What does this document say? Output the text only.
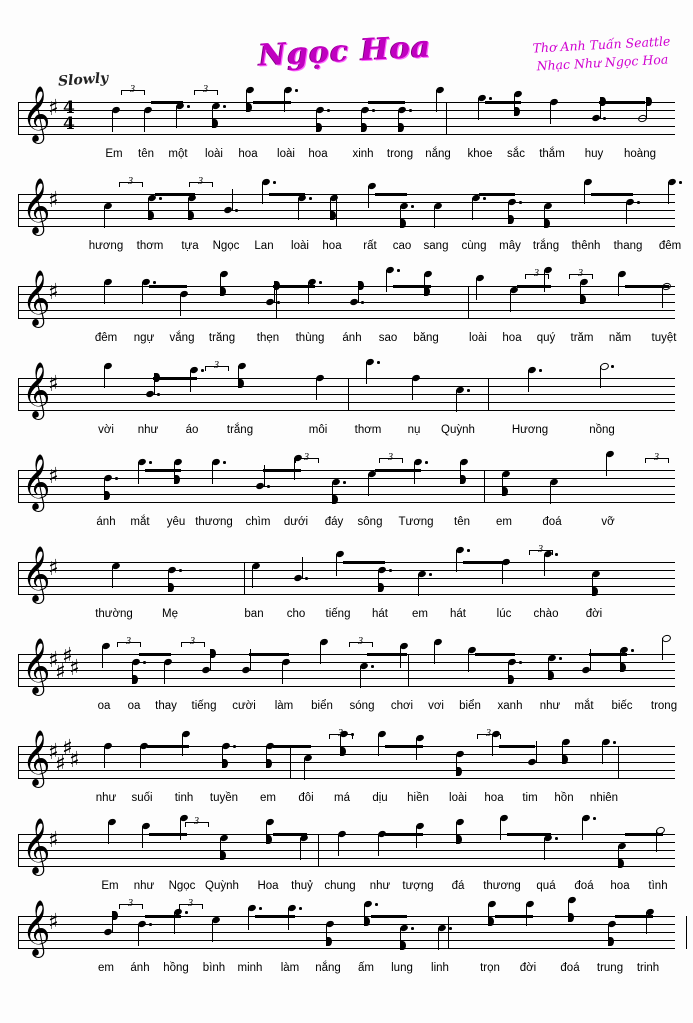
Ngọc Hoa	Thơ Anh Tuấn Seattle
Nhạc Như Ngọc Hoa
Slowly
𝄞
♯ 4
4
3	3
Em tên một loài hoa loài hoa xinh trong nắng khoe sắc thắm huy hoàng
𝄞
♯
3	3
hương thơm tựa Ngọc Lan loài hoa rất cao sang cùng mây trắng thênh thang đêm
𝄞
♯
3	3
đêm ngự vắng trăng thẹn thùng ánh sao băng	loài hoa quý trăm năm tuyệt
𝄞
♯
3
vời như áo trắng	môi thơm nụ Quỳnh	Hương	nồng
𝄞
♯
3	3	3
ánh mắt yêu thương chìm dưới đáy sông Tương tên em	đoá	vỡ
𝄞
♯
3
thường	Mẹ	ban cho tiếng hát em hát	lúc chào đời
𝄞
♯
♯
♯
♯
3	3	3
oa oa thay tiếng cười làm biển sóng chơi vơi biển xanh như mắt biếc trong
𝄞
♯
♯
♯
♯
3	3
như suối tinh tuyền em đôi má dịu hiền loài hoa tim hồn nhiên
𝄞
♯
3
Em như Ngọc Quỳnh Hoa thuỷ chung như tượng đá thương quá đoá hoa tình
𝄞
♯
3	3
em ánh hồng bình minh làm nắng ấm lung linh	trọn đời đoá trung trinh
